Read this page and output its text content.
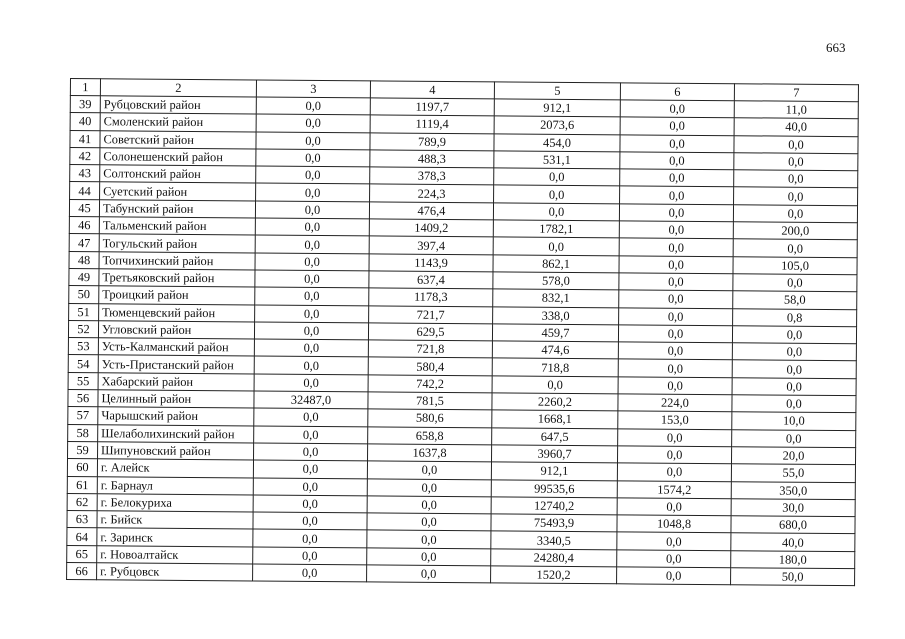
663
1	2	3	4	5	6	7
39	Рубцовский район	0,0	1197,7	912,1	0,0	11,0
40	Смоленский район	0,0	1119,4	2073,6	0,0	40,0
41	Советский район	0,0	789,9	454,0	0,0	0,0
42	Солонешенский район	0,0	488,3	531,1	0,0	0,0
43	Солтонский район	0,0	378,3	0,0	0,0	0,0
44	Суетский район	0,0	224,3	0,0	0,0	0,0
45	Табунский район	0,0	476,4	0,0	0,0	0,0
46	Тальменский район	0,0	1409,2	1782,1	0,0	200,0
47	Тогульский район	0,0	397,4	0,0	0,0	0,0
48	Топчихинский район	0,0	1143,9	862,1	0,0	105,0
49	Третьяковский район	0,0	637,4	578,0	0,0	0,0
50	Троицкий район	0,0	1178,3	832,1	0,0	58,0
51	Тюменцевский район	0,0	721,7	338,0	0,0	0,8
52	Угловский район	0,0	629,5	459,7	0,0	0,0
53	Усть-Калманский район	0,0	721,8	474,6	0,0	0,0
54	Усть-Пристанский район	0,0	580,4	718,8	0,0	0,0
55	Хабарский район	0,0	742,2	0,0	0,0	0,0
56	Целинный район	32487,0	781,5	2260,2	224,0	0,0
57	Чарышский район	0,0	580,6	1668,1	153,0	10,0
58	Шелаболихинский район	0,0	658,8	647,5	0,0	0,0
59	Шипуновский район	0,0	1637,8	3960,7	0,0	20,0
60	г. Алейск	0,0	0,0	912,1	0,0	55,0
61	г. Барнаул	0,0	0,0	99535,6	1574,2	350,0
62	г. Белокуриха	0,0	0,0	12740,2	0,0	30,0
63	г. Бийск	0,0	0,0	75493,9	1048,8	680,0
64	г. Заринск	0,0	0,0	3340,5	0,0	40,0
65	г. Новоалтайск	0,0	0,0	24280,4	0,0	180,0
66	г. Рубцовск	0,0	0,0	1520,2	0,0	50,0
